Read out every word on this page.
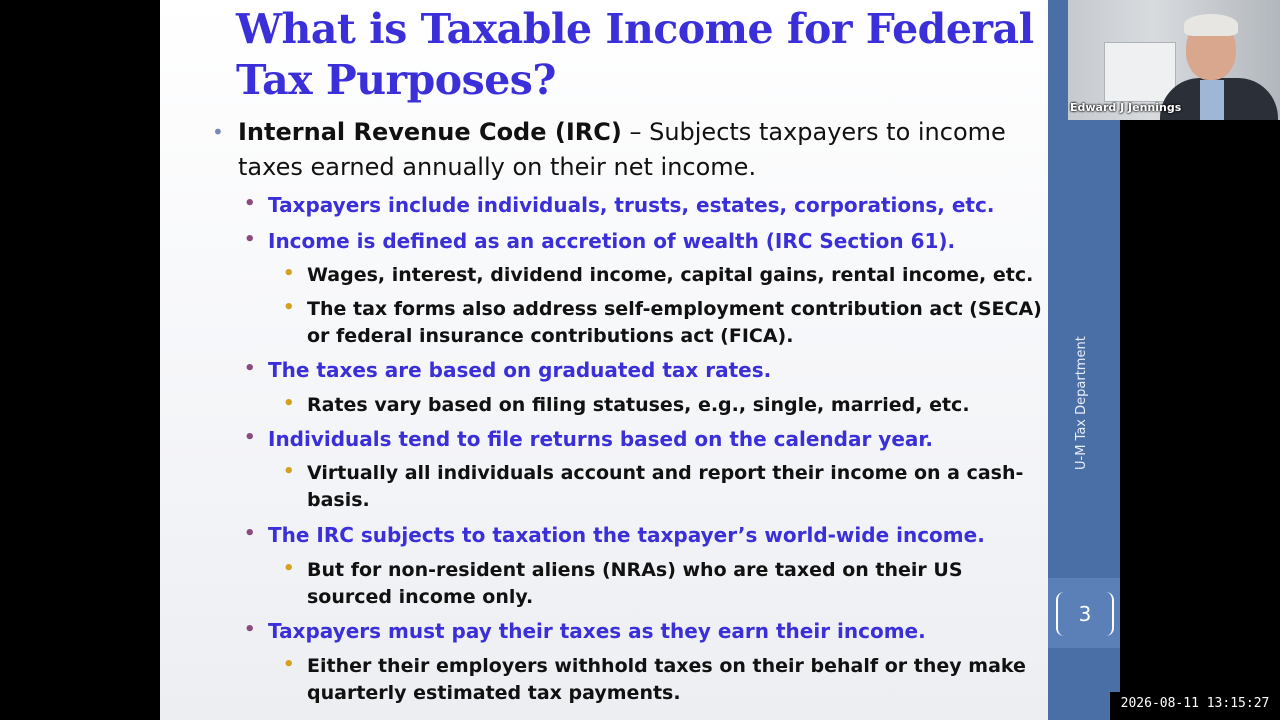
What is Taxable Income for Federal
Tax Purposes?

• Internal Revenue Code (IRC) – Subjects taxpayers to income

taxes earned annually on their net income.

• Taxpayers include individuals, trusts, estates, corporations, etc.

• Income is defined as an accretion of wealth (IRC Section 61).

• Wages, interest, dividend income, capital gains, rental income, etc.

• The tax forms also address self-employment contribution act (SECA)

or federal insurance contributions act (FICA).

• The taxes are based on graduated tax rates.

• Rates vary based on filing statuses, e.g., single, married, etc.

• Individuals tend to file returns based on the calendar year.

• Virtually all individuals account and report their income on a cash-

basis.

• The IRC subjects to taxation the taxpayer’s world-wide income.

• But for non-resident aliens (NRAs) who are taxed on their US

sourced income only.

• Taxpayers must pay their taxes as they earn their income.

• Either their employers withhold taxes on their behalf or they make

quarterly estimated tax payments.

U-M Tax Department
3
Edward J Jennings
2026-08-11 13:15:27
